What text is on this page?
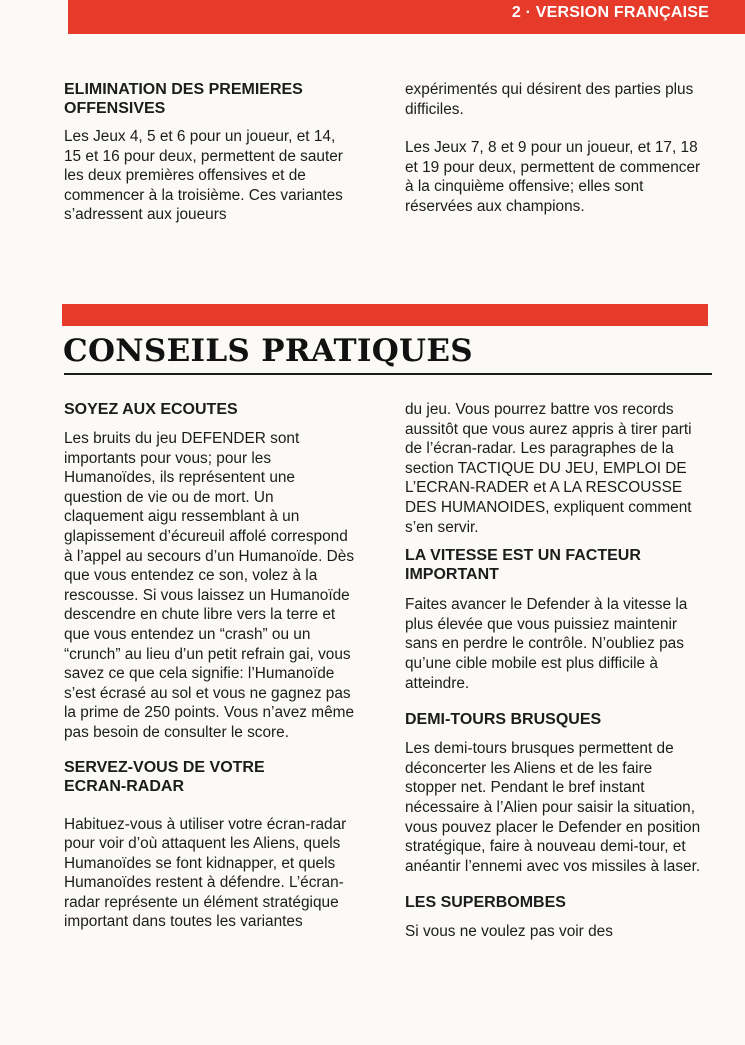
2 · VERSION FRANÇAISE
ELIMINATION DES PREMIERES OFFENSIVES

Les Jeux 4, 5 et 6 pour un joueur, et 14, 15 et 16 pour deux, permettent de sauter les deux premières offensives et de commencer à la troisième. Ces variantes s’adressent aux joueurs

expérimentés qui désirent des parties plus difficiles.

Les Jeux 7, 8 et 9 pour un joueur, et 17, 18 et 19 pour deux, permettent de commencer à la cinquième offensive; elles sont réservées aux champions.

CONSEILS PRATIQUES
SOYEZ AUX ECOUTES

Les bruits du jeu DEFENDER sont importants pour vous; pour les Humanoïdes, ils représentent une question de vie ou de mort. Un claquement aigu ressemblant à un glapissement d’écureuil affolé correspond à l’appel au secours d’un Humanoïde. Dès que vous entendez ce son, volez à la rescousse. Si vous laissez un Humanoïde descendre en chute libre vers la terre et que vous entendez un “crash” ou un “crunch” au lieu d’un petit refrain gai, vous savez ce que cela signifie: l’Humanoïde s’est écrasé au sol et vous ne gagnez pas la prime de 250 points. Vous n’avez même pas besoin de consulter le score.

SERVEZ-VOUS DE VOTRE ECRAN-RADAR

Habituez-vous à utiliser votre écran-radar pour voir d’où attaquent les Aliens, quels Humanoïdes se font kidnapper, et quels Humanoïdes restent à défendre. L’écran-radar représente un élément stratégique important dans toutes les variantes

du jeu. Vous pourrez battre vos records aussitôt que vous aurez appris à tirer parti de l’écran-radar. Les paragraphes de la section TACTIQUE DU JEU, EMPLOI DE L’ECRAN-RADER et A LA RESCOUSSE DES HUMANOIDES, expliquent comment s’en servir.

LA VITESSE EST UN FACTEUR IMPORTANT

Faites avancer le Defender à la vitesse la plus élevée que vous puissiez maintenir sans en perdre le contrôle. N’oubliez pas qu’une cible mobile est plus difficile à atteindre.

DEMI-TOURS BRUSQUES

Les demi-tours brusques permettent de déconcerter les Aliens et de les faire stopper net. Pendant le bref instant nécessaire à l’Alien pour saisir la situation, vous pouvez placer le Defender en position stratégique, faire à nouveau demi-tour, et anéantir l’ennemi avec vos missiles à laser.

LES SUPERBOMBES

Si vous ne voulez pas voir des
